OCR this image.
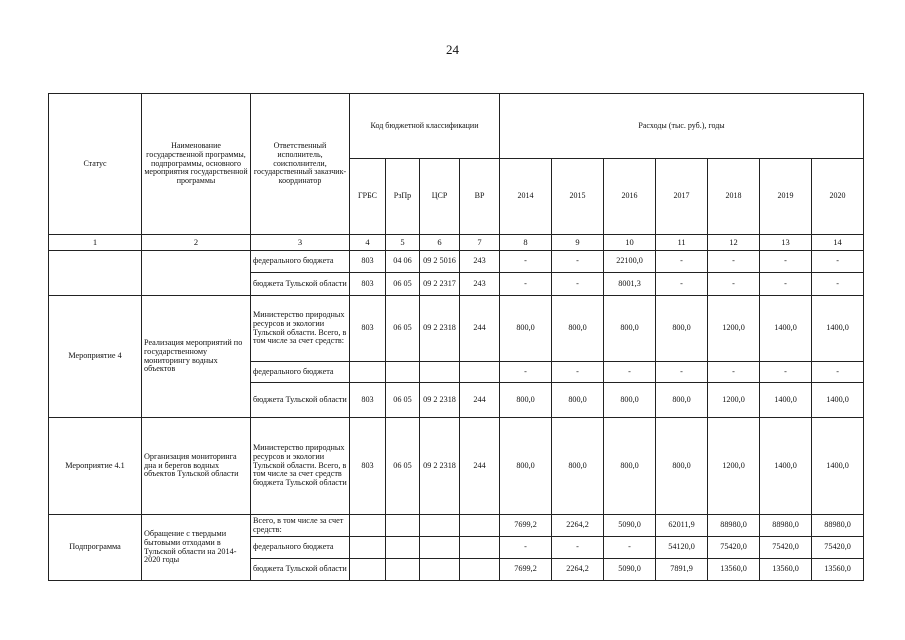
24
Статус	Наименование государственной программы, подпрограммы, основного мероприятия государственной программы	Ответственный исполнитель, соисполнители, государственный заказчик-координатор	Код бюджетной классификации				Расходы (тыс. руб.), годы						
			ГРБС	РзПр	ЦСР	ВР	2014	2015	2016	2017	2018	2019	2020
1	2	3	4	5	6	7	8	9	10	11	12	13	14
		федерального бюджета	803	04 06	09 2 5016	243	-	-	22100,0	-	-	-	-
		бюджета Тульской области	803	06 05	09 2 2317	243	-	-	8001,3	-	-	-	-
Мероприятие 4	Реализация мероприятий по государственному мониторингу водных объектов	Министерство природных ресурсов и экологии Тульской области. Всего, в том числе за счет средств:	803	06 05	09 2 2318	244	800,0	800,0	800,0	800,0	1200,0	1400,0	1400,0
		федерального бюджета					-	-	-	-	-	-	-
		бюджета Тульской области	803	06 05	09 2 2318	244	800,0	800,0	800,0	800,0	1200,0	1400,0	1400,0
Мероприятие 4.1	Организация мониторинга дна и берегов водных объектов Тульской области	Министерство природных ресурсов и экологии Тульской области. Всего, в том числе за счет средств бюджета Тульской области	803	06 05	09 2 2318	244	800,0	800,0	800,0	800,0	1200,0	1400,0	1400,0
Подпрограмма	Обращение с твердыми бытовыми отходами в Тульской области на 2014-2020 годы	Всего, в том числе за счет средств:					7699,2	2264,2	5090,0	62011,9	88980,0	88980,0	88980,0
		федерального бюджета					-	-	-	54120,0	75420,0	75420,0	75420,0
		бюджета Тульской области					7699,2	2264,2	5090,0	7891,9	13560,0	13560,0	13560,0
